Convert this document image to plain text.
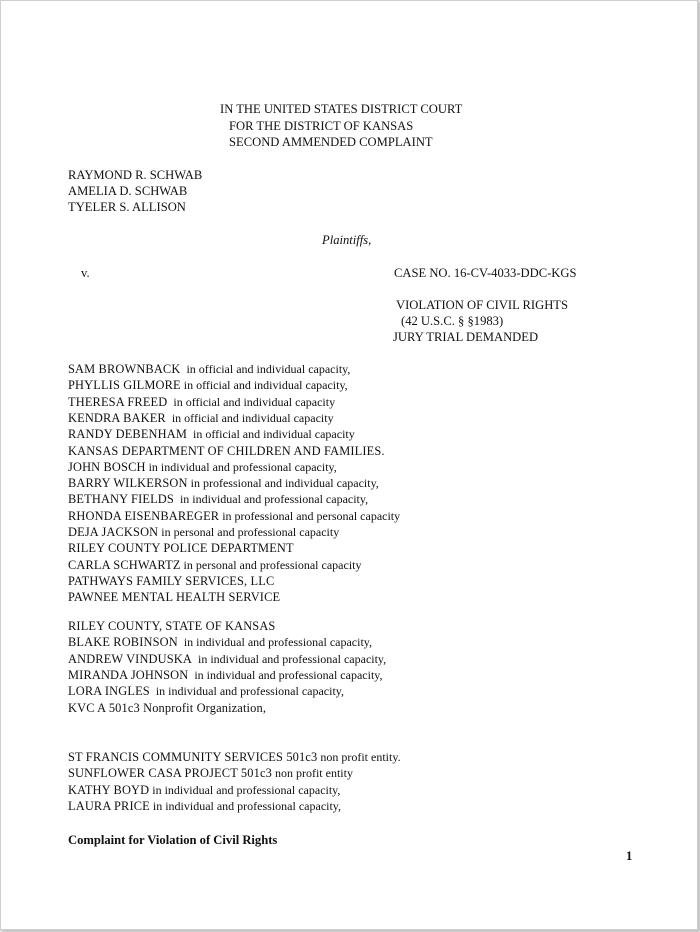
IN THE UNITED STATES DISTRICT COURT
FOR THE DISTRICT OF KANSAS
SECOND AMMENDED COMPLAINT
RAYMOND R. SCHWAB
AMELIA D. SCHWAB
TYELER S. ALLISON
Plaintiffs,
v.	CASE NO. 16-CV-4033-DDC-KGS
VIOLATION OF CIVIL RIGHTS
(42 U.S.C. § §1983)
JURY TRIAL DEMANDED
SAM BROWNBACK  in official and individual capacity,
PHYLLIS GILMORE in official and individual capacity,
THERESA FREED  in official and individual capacity
KENDRA BAKER  in official and individual capacity
RANDY DEBENHAM  in official and individual capacity
KANSAS DEPARTMENT OF CHILDREN AND FAMILIES.
JOHN BOSCH in individual and professional capacity,
BARRY WILKERSON in professional and individual capacity,
BETHANY FIELDS  in individual and professional capacity,
RHONDA EISENBAREGER in professional and personal capacity
DEJA JACKSON in personal and professional capacity
RILEY COUNTY POLICE DEPARTMENT
CARLA SCHWARTZ in personal and professional capacity
PATHWAYS FAMILY SERVICES, LLC
PAWNEE MENTAL HEALTH SERVICE
RILEY COUNTY, STATE OF KANSAS
BLAKE ROBINSON  in individual and professional capacity,
ANDREW VINDUSKA  in individual and professional capacity,
MIRANDA JOHNSON  in individual and professional capacity,
LORA INGLES  in individual and professional capacity,
KVC A 501c3 Nonprofit Organization,
ST FRANCIS COMMUNITY SERVICES 501c3 non profit entity.
SUNFLOWER CASA PROJECT 501c3 non profit entity
KATHY BOYD in individual and professional capacity,
LAURA PRICE in individual and professional capacity,
Complaint for Violation of Civil Rights
1
